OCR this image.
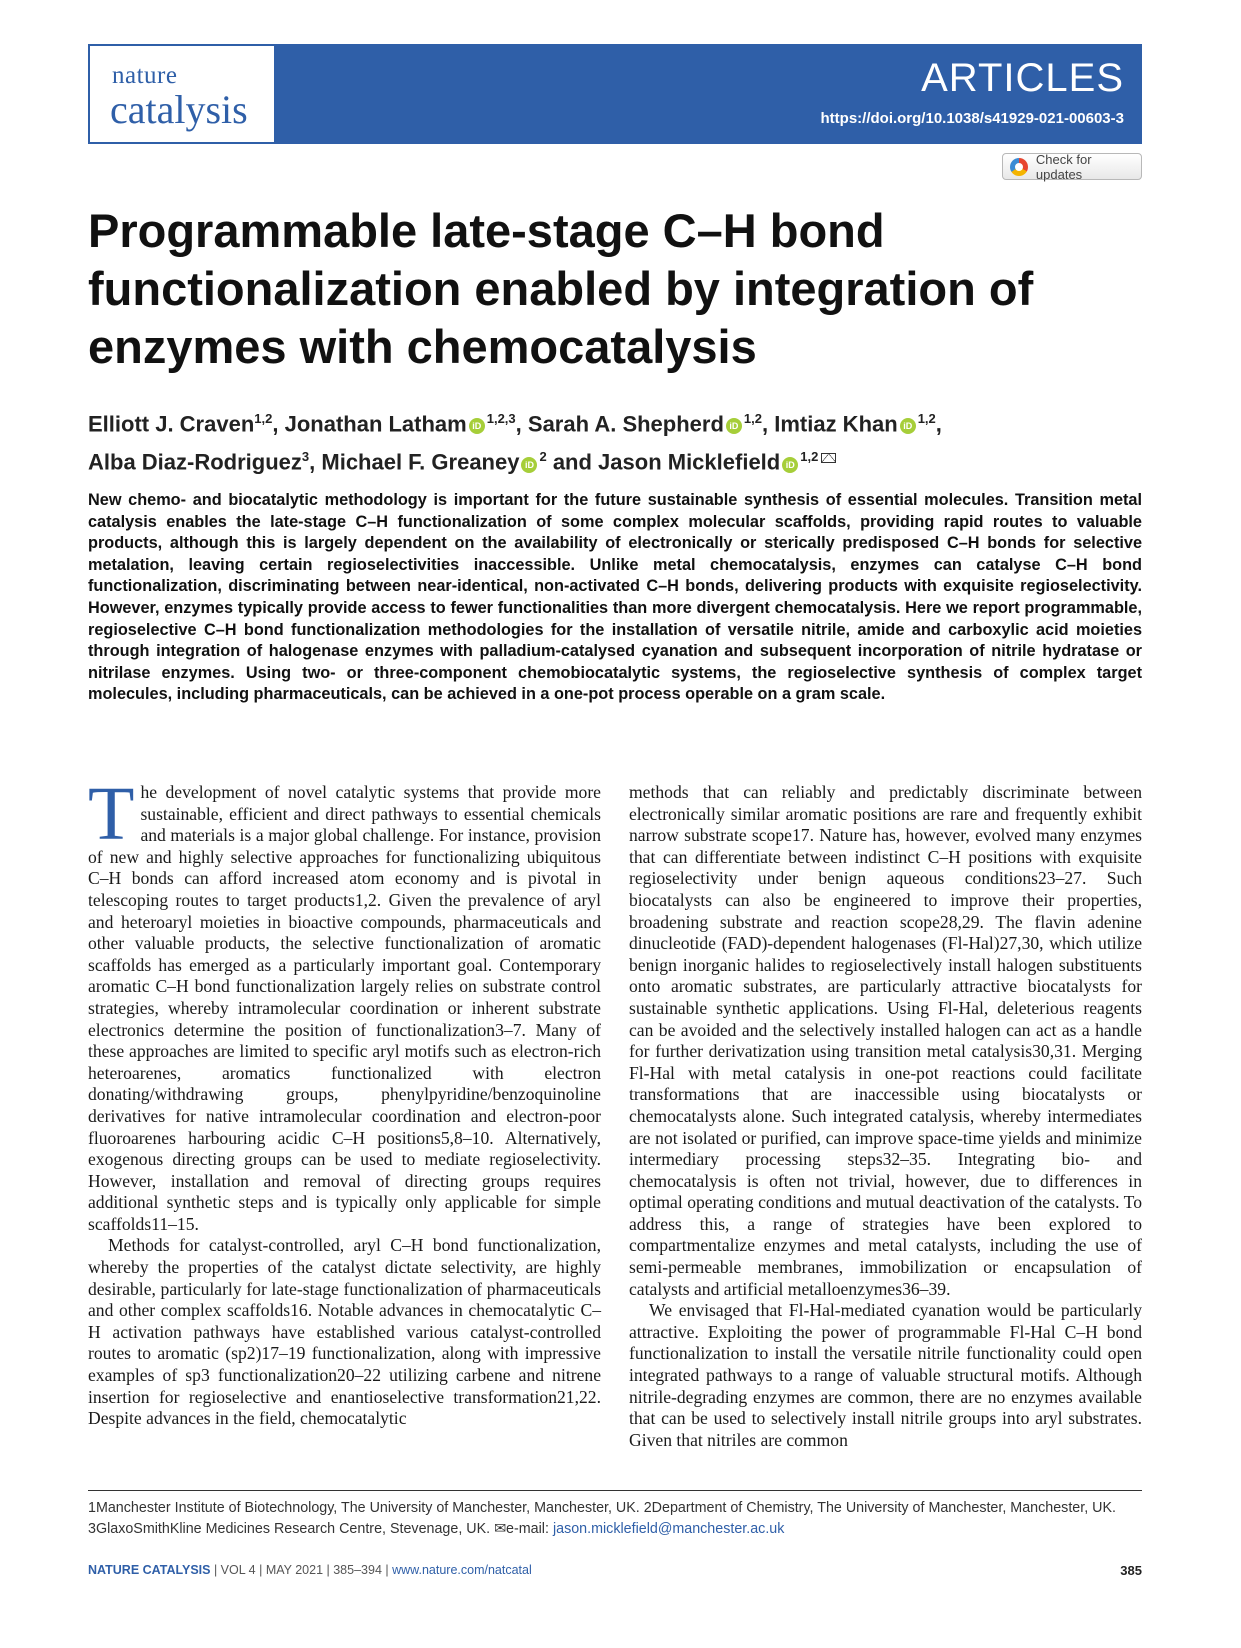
nature
catalysis
ARTICLES
https://doi.org/10.1038/s41929-021-00603-3
Check for updates
Programmable late-stage C–H bond functionalization enabled by integration of enzymes with chemocatalysis
Elliott J. Craven$^{1,2}$, Jonathan Latham iD$^{1,2,3}$, Sarah A. Shepherd iD$^{1,2}$, Imtiaz Khan iD$^{1,2}$,
Alba Diaz-Rodriguez$^3$, Michael F. Greaney $iD^2$ and Jason Micklefield iD$^{1,2}$

New chemo- and biocatalytic methodology is important for the future sustainable synthesis of essential molecules. Transition metal catalysis enables the late-stage C–H functionalization of some complex molecular scaffolds, providing rapid routes to valuable products, although this is largely dependent on the availability of electronically or sterically predisposed C–H bonds for selective metalation, leaving certain regioselectivities inaccessible. Unlike metal chemocatalysis, enzymes can catalyse C–H bond functionalization, discriminating between near-identical, non-activated C–H bonds, delivering products with exquisite regioselectivity. However, enzymes typically provide access to fewer functionalities than more divergent chemocatalysis. Here we report programmable, regioselective C–H bond functionalization methodologies for the installation of versatile nitrile, amide and carboxylic acid moieties through integration of halogenase enzymes with palladium-catalysed cyanation and subsequent incorporation of nitrile hydratase or nitrilase enzymes. Using two- or three-component chemobiocatalytic systems, the regioselective synthesis of complex target molecules, including pharmaceuticals, can be achieved in a one-pot process operable on a gram scale.

The development of novel catalytic systems that provide more sustainable, efficient and direct pathways to essential chemicals and materials is a major global challenge. For instance, provision of new and highly selective approaches for functionalizing ubiquitous C–H bonds can afford increased atom economy and is pivotal in telescoping routes to target products1,2. Given the prevalence of aryl and heteroaryl moieties in bioactive compounds, pharmaceuticals and other valuable products, the selective functionalization of aromatic scaffolds has emerged as a particularly important goal. Contemporary aromatic C–H bond functionalization largely relies on substrate control strategies, whereby intramolecular coordination or inherent substrate electronics determine the position of functionalization3–7. Many of these approaches are limited to specific aryl motifs such as electron-rich heteroarenes, aromatics functionalized with electron donating/withdrawing groups, phenylpyridine/benzoquinoline derivatives for native intramolecular coordination and electron-poor fluoroarenes harbouring acidic C–H positions5,8–10. Alternatively, exogenous directing groups can be used to mediate regioselectivity. However, installation and removal of directing groups requires additional synthetic steps and is typically only applicable for simple scaffolds11–15.

Methods for catalyst-controlled, aryl C–H bond functionalization, whereby the properties of the catalyst dictate selectivity, are highly desirable, particularly for late-stage functionalization of pharmaceuticals and other complex scaffolds16. Notable advances in chemocatalytic C–H activation pathways have established various catalyst-controlled routes to aromatic (sp2)17–19 functionalization, along with impressive examples of sp3 functionalization20–22 utilizing carbene and nitrene insertion for regioselective and enantioselective transformation21,22. Despite advances in the field, chemocatalytic

methods that can reliably and predictably discriminate between electronically similar aromatic positions are rare and frequently exhibit narrow substrate scope17. Nature has, however, evolved many enzymes that can differentiate between indistinct C–H positions with exquisite regioselectivity under benign aqueous conditions23–27. Such biocatalysts can also be engineered to improve their properties, broadening substrate and reaction scope28,29. The flavin adenine dinucleotide (FAD)-dependent halogenases (Fl-Hal)27,30, which utilize benign inorganic halides to regioselectively install halogen substituents onto aromatic substrates, are particularly attractive biocatalysts for sustainable synthetic applications. Using Fl-Hal, deleterious reagents can be avoided and the selectively installed halogen can act as a handle for further derivatization using transition metal catalysis30,31. Merging Fl-Hal with metal catalysis in one-pot reactions could facilitate transformations that are inaccessible using biocatalysts or chemocatalysts alone. Such integrated catalysis, whereby intermediates are not isolated or purified, can improve space-time yields and minimize intermediary processing steps32–35. Integrating bio- and chemocatalysis is often not trivial, however, due to differences in optimal operating conditions and mutual deactivation of the catalysts. To address this, a range of strategies have been explored to compartmentalize enzymes and metal catalysts, including the use of semi-permeable membranes, immobilization or encapsulation of catalysts and artificial metalloenzymes36–39.

We envisaged that Fl-Hal-mediated cyanation would be particularly attractive. Exploiting the power of programmable Fl-Hal C–H bond functionalization to install the versatile nitrile functionality could open integrated pathways to a range of valuable structural motifs. Although nitrile-degrading enzymes are common, there are no enzymes available that can be used to selectively install nitrile groups into aryl substrates. Given that nitriles are common

1Manchester Institute of Biotechnology, The University of Manchester, Manchester, UK. 2Department of Chemistry, The University of Manchester, Manchester, UK. 3GlaxoSmithKline Medicines Research Centre, Stevenage, UK. ✉e-mail: jason.micklefield@manchester.ac.uk

NATURE CATALYSIS | VOL 4 | MAY 2021 | 385–394 | www.nature.com/natcatal	385
